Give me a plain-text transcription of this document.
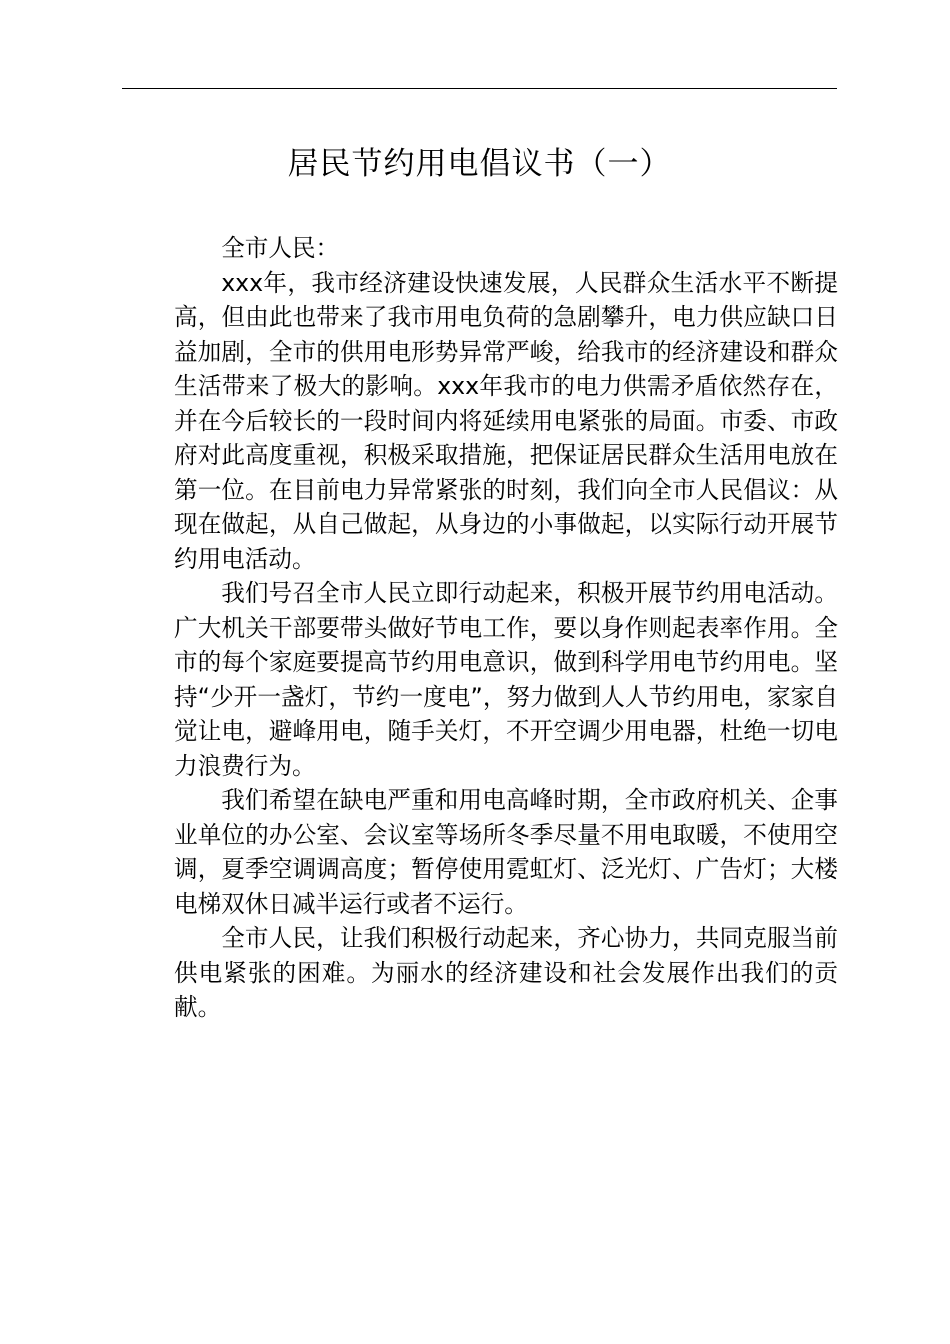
居民节约用电倡议书（一）

全市人民：

xxx年，我市经济建设快速发展，人民群众生活水平不断提高，但由此也带来了我市用电负荷的急剧攀升，电力供应缺口日益加剧，全市的供用电形势异常严峻，给我市的经济建设和群众生活带来了极大的影响。xxx年我市的电力供需矛盾依然存在，并在今后较长的一段时间内将延续用电紧张的局面。市委、市政府对此高度重视，积极采取措施，把保证居民群众生活用电放在第一位。在目前电力异常紧张的时刻，我们向全市人民倡议：从现在做起，从自己做起，从身边的小事做起，以实际行动开展节约用电活动。

我们号召全市人民立即行动起来，积极开展节约用电活动。广大机关干部要带头做好节电工作，要以身作则起表率作用。全市的每个家庭要提高节约用电意识，做到科学用电节约用电。坚持“少开一盏灯，节约一度电”，努力做到人人节约用电，家家自觉让电，避峰用电，随手关灯，不开空调少用电器，杜绝一切电力浪费行为。

我们希望在缺电严重和用电高峰时期，全市政府机关、企事业单位的办公室、会议室等场所冬季尽量不用电取暖，不使用空调，夏季空调调高度；暂停使用霓虹灯、泛光灯、广告灯；大楼电梯双休日减半运行或者不运行。

全市人民，让我们积极行动起来，齐心协力，共同克服当前供电紧张的困难。为丽水的经济建设和社会发展作出我们的贡献。
